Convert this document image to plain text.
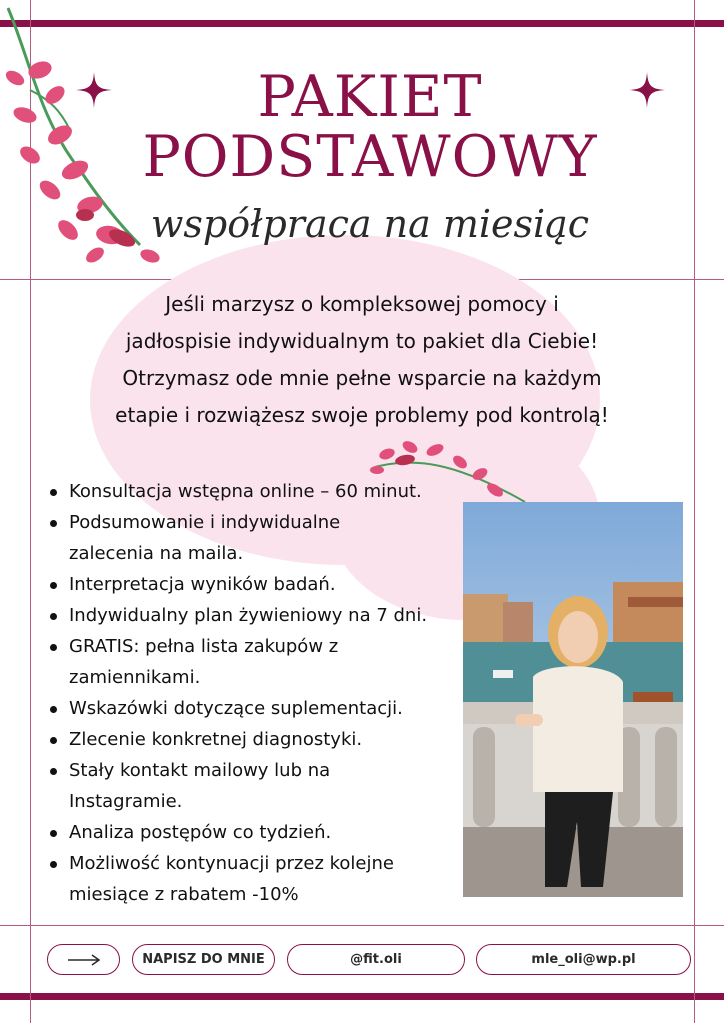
PAKIET
PODSTAWOWY
współpraca na miesiąc

Jeśli marzysz o kompleksowej pomocy i

jadłospisie indywidualnym to pakiet dla Ciebie!

Otrzymasz ode mnie pełne wsparcie na każdym

etapie i rozwiążesz swoje problemy pod kontrolą!

Konsultacja wstępna online – 60 minut.
Podsumowanie i indywidualne zalecenia na maila.
Interpretacja wyników badań.
Indywidualny plan żywieniowy na 7 dni.
GRATIS: pełna lista zakupów z zamiennikami.
Wskazówki dotyczące suplementacji.
Zlecenie konkretnej diagnostyki.
Stały kontakt mailowy lub na Instagramie.
Analiza postępów co tydzień.
Możliwość kontynuacji przez kolejne miesiące z rabatem -10%
NAPISZ DO MNIE	@fit.oli	mle_oli@wp.pl
